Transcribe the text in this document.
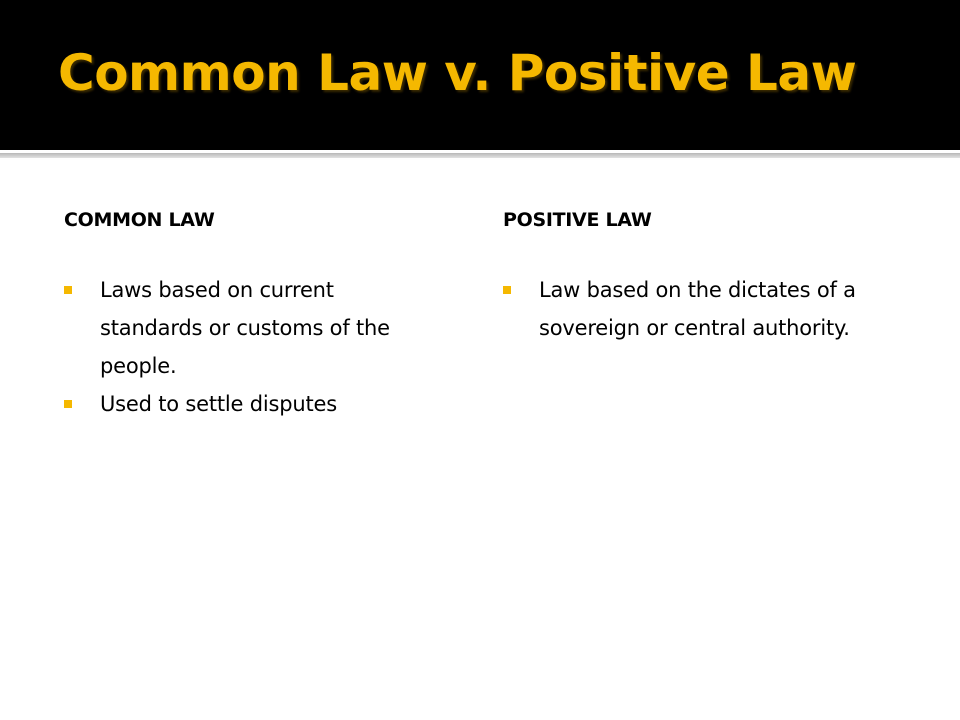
Common Law v. Positive Law
COMMON LAW
Laws based on current standards or customs of the people.
Used to settle disputes
POSITIVE LAW
Law based on the dictates of a sovereign or central authority.
